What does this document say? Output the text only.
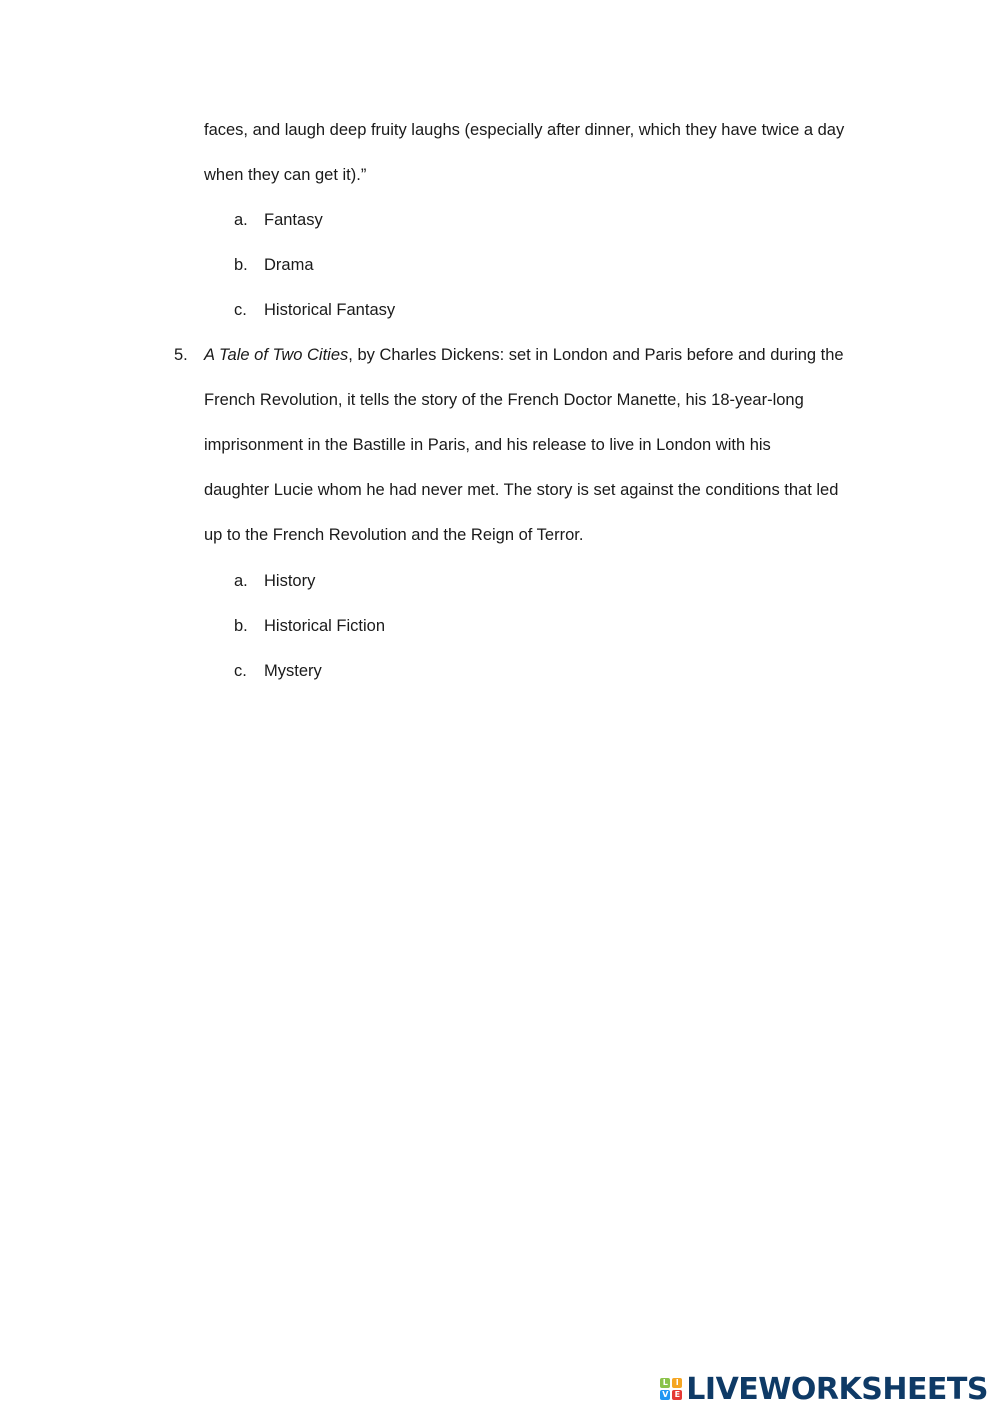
faces, and laugh deep fruity laughs (especially after dinner, which they have twice a day
when they can get it).”
a. Fantasy
b. Drama
c. Historical Fantasy
5. A Tale of Two Cities, by Charles Dickens: set in London and Paris before and during the
French Revolution, it tells the story of the French Doctor Manette, his 18-year-long
imprisonment in the Bastille in Paris, and his release to live in London with his
daughter Lucie whom he had never met. The story is set against the conditions that led
up to the French Revolution and the Reign of Terror.
a. History
b. Historical Fiction
c. Mystery
L I
V E LIVEWORKSHEETS
